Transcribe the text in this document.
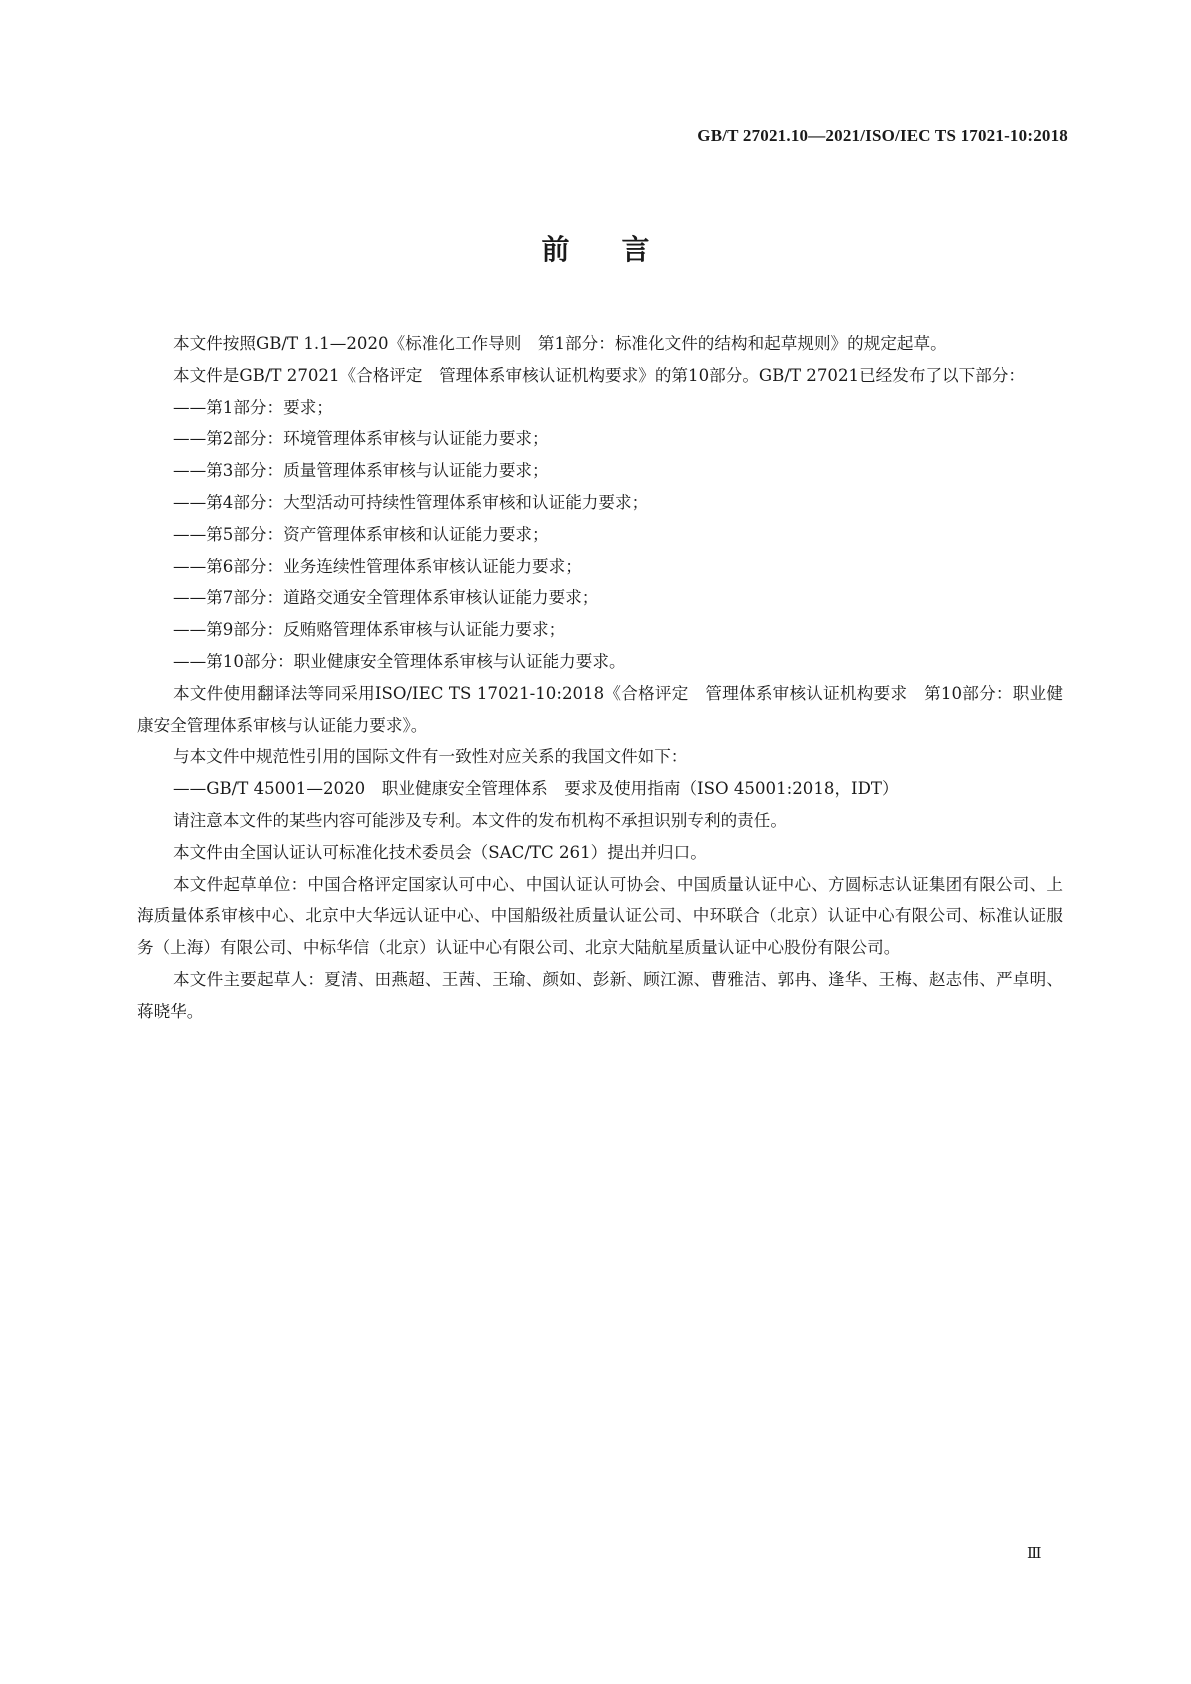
GB/T 27021.10—2021/ISO/IEC TS 17021-10:2018
前言

本文件按照GB/T 1.1—2020《标准化工作导则　第1部分：标准化文件的结构和起草规则》的规定起草。

本文件是GB/T 27021《合格评定　管理体系审核认证机构要求》的第10部分。GB/T 27021已经发布了以下部分：

——第1部分：要求；

——第2部分：环境管理体系审核与认证能力要求；

——第3部分：质量管理体系审核与认证能力要求；

——第4部分：大型活动可持续性管理体系审核和认证能力要求；

——第5部分：资产管理体系审核和认证能力要求；

——第6部分：业务连续性管理体系审核认证能力要求；

——第7部分：道路交通安全管理体系审核认证能力要求；

——第9部分：反贿赂管理体系审核与认证能力要求；

——第10部分：职业健康安全管理体系审核与认证能力要求。

本文件使用翻译法等同采用ISO/IEC TS 17021-10:2018《合格评定　管理体系审核认证机构要求　第10部分：职业健康安全管理体系审核与认证能力要求》。

与本文件中规范性引用的国际文件有一致性对应关系的我国文件如下：

——GB/T 45001—2020　职业健康安全管理体系　要求及使用指南（ISO 45001:2018，IDT）

请注意本文件的某些内容可能涉及专利。本文件的发布机构不承担识别专利的责任。

本文件由全国认证认可标准化技术委员会（SAC/TC 261）提出并归口。

本文件起草单位：中国合格评定国家认可中心、中国认证认可协会、中国质量认证中心、方圆标志认证集团有限公司、上海质量体系审核中心、北京中大华远认证中心、中国船级社质量认证公司、中环联合（北京）认证中心有限公司、标准认证服务（上海）有限公司、中标华信（北京）认证中心有限公司、北京大陆航星质量认证中心股份有限公司。

本文件主要起草人：夏清、田燕超、王茜、王瑜、颜如、彭新、顾江源、曹雅洁、郭冉、逢华、王梅、赵志伟、严卓明、蒋晓华。

Ⅲ
